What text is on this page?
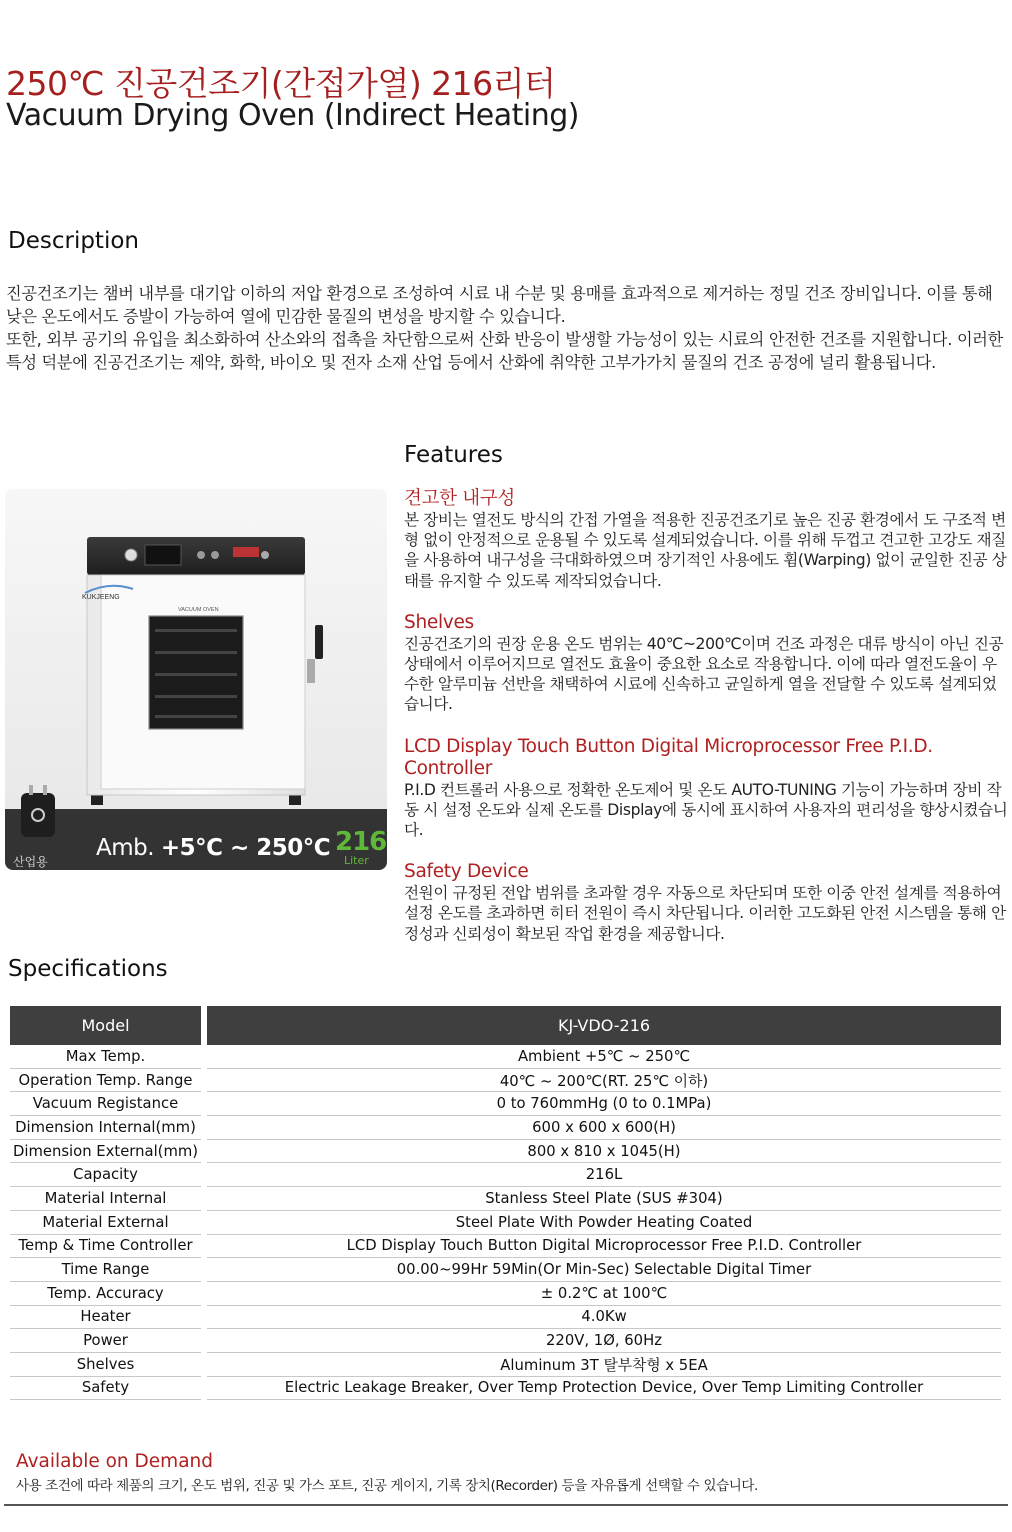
250℃ 진공건조기(간접가열) 216리터
Vacuum Drying Oven (Indirect Heating)
Description

진공건조기는 챔버 내부를 대기압 이하의 저압 환경으로 조성하여 시료 내 수분 및 용매를 효과적으로 제거하는 정밀 건조 장비입니다. 이를 통해 낮은 온도에서도 증발이 가능하여 열에 민감한 물질의 변성을 방지할 수 있습니다.

또한, 외부 공기의 유입을 최소화하여 산소와의 접촉을 차단함으로써 산화 반응이 발생할 가능성이 있는 시료의 안전한 건조를 지원합니다. 이러한 특성 덕분에 진공건조기는 제약, 화학, 바이오 및 전자 소재 산업 등에서 산화에 취약한 고부가가치 물질의 건조 공정에 널리 활용됩니다.

KUKJEENG
VACUUM OVEN
산업용
Amb. +5℃ ~ 250℃ 216
Liter
Features

견고한 내구성

본 장비는 열전도 방식의 간접 가열을 적용한 진공건조기로 높은 진공 환경에서 도 구조적 변형 없이 안정적으로 운용될 수 있도록 설계되었습니다. 이를 위해 두껍고 견고한 고강도 재질을 사용하여 내구성을 극대화하였으며 장기적인 사용에도 휨(Warping) 없이 균일한 진공 상태를 유지할 수 있도록 제작되었습니다.

Shelves

진공건조기의 권장 운용 온도 범위는 40℃~200℃이며 건조 과정은 대류 방식이 아닌 진공 상태에서 이루어지므로 열전도 효율이 중요한 요소로 작용합니다. 이에 따라 열전도율이 우수한 알루미늄 선반을 채택하여 시료에 신속하고 균일하게 열을 전달할 수 있도록 설계되었습니다.

LCD Display Touch Button Digital Microprocessor Free P.I.D. Controller

P.I.D 컨트롤러 사용으로 정확한 온도제어 및 온도 AUTO-TUNING 기능이 가능하며 장비 작동 시 설정 온도와 실제 온도를 Display에 동시에 표시하여 사용자의 편리성을 향상시켰습니다.

Safety Device

전원이 규정된 전압 범위를 초과할 경우 자동으로 차단되며 또한 이중 안전 설계를 적용하여 설정 온도를 초과하면 히터 전원이 즉시 차단됩니다. 이러한 고도화된 안전 시스템을 통해 안정성과 신뢰성이 확보된 작업 환경을 제공합니다.

Specifications
Model		KJ-VDO-216
Max Temp.		Ambient +5℃ ~ 250℃
Operation Temp. Range		40℃ ~ 200℃(RT. 25℃ 이하)
Vacuum Registance		0 to 760mmHg (0 to 0.1MPa)
Dimension Internal(mm)		600 x 600 x 600(H)
Dimension External(mm)		800 x 810 x 1045(H)
Capacity		216L
Material Internal		Stanless Steel Plate (SUS #304)
Material External		Steel Plate With Powder Heating Coated
Temp & Time Controller		LCD Display Touch Button Digital Microprocessor Free P.I.D. Controller
Time Range		00.00~99Hr 59Min(Or Min-Sec) Selectable Digital Timer
Temp. Accuracy		± 0.2℃ at 100℃
Heater		4.0Kw
Power		220V, 1Ø, 60Hz
Shelves		Aluminum 3T 탈부착형 x 5EA
Safety		Electric Leakage Breaker, Over Temp Protection Device, Over Temp Limiting Controller
Available on Demand
사용 조건에 따라 제품의 크기, 온도 범위, 진공 및 가스 포트, 진공 게이지, 기록 장치(Recorder) 등을 자유롭게 선택할 수 있습니다.
